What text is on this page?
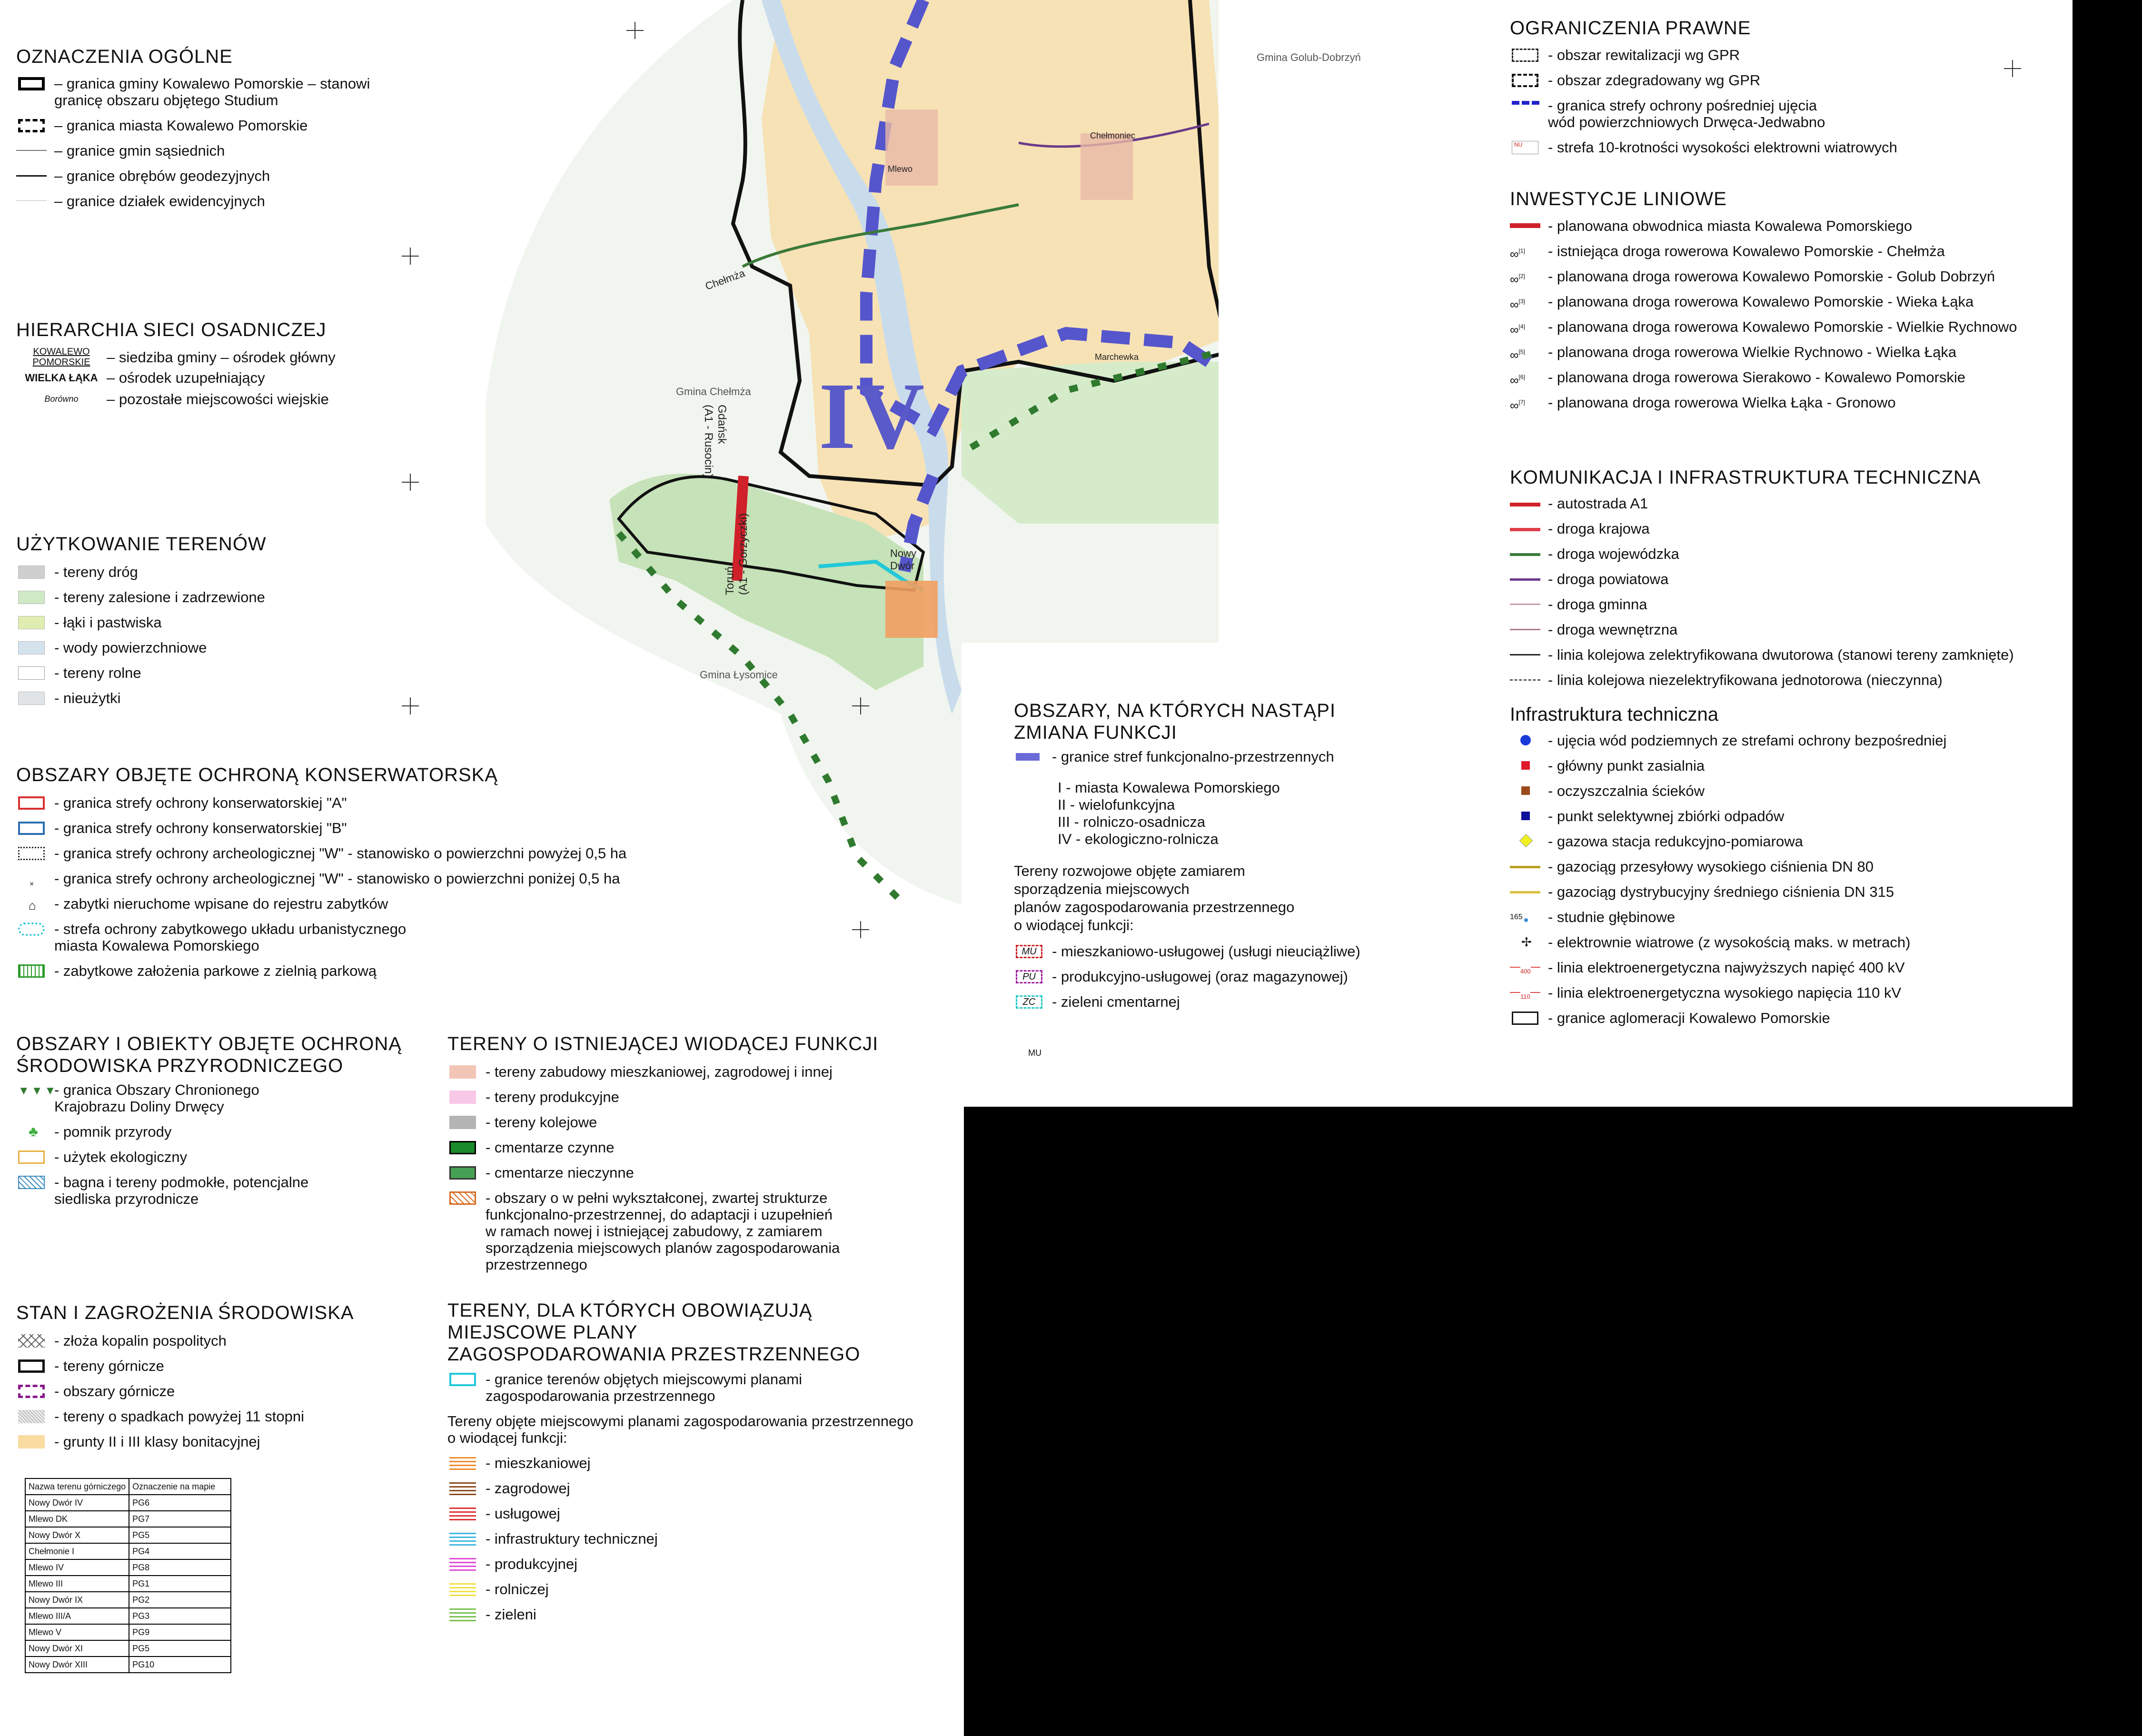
Gmina Golub-Dobrzyń
Gmina Chełmża
Gmina Łysomice
Chełmża
Mlewo
Chełmoniec
Marchewka
Nowy Dwór
Gdańsk
(A1 - Rusocin)
Toruń
(A1 - Gorzyczki)
IV
OZNACZENIA OGÓLNE
– granica gminy Kowalewo Pomorskie – stanowi
granicę obszaru objętego Studium
– granica miasta Kowalewo Pomorskie
– granice gmin sąsiednich
– granice obrębów geodezyjnych
– granice działek ewidencyjnych
HIERARCHIA SIECI OSADNICZEJ
KOWALEWO
POMORSKIE	– siedziba gminy – ośrodek główny
WIELKA ŁĄKA – ośrodek uzupełniający
Borówno	– pozostałe miejscowości wiejskie
UŻYTKOWANIE TERENÓW
- tereny dróg
- tereny zalesione i zadrzewione
- łąki i pastwiska
- wody powierzchniowe
- tereny rolne
- nieużytki
OBSZARY OBJĘTE OCHRONĄ KONSERWATORSKĄ
- granica strefy ochrony konserwatorskiej "A"
- granica strefy ochrony konserwatorskiej "B"
- granica strefy ochrony archeologicznej "W" - stanowisko o powierzchni powyżej 0,5 ha
× - granica strefy ochrony archeologicznej "W" - stanowisko o powierzchni poniżej 0,5 ha
⌂ - zabytki nieruchome wpisane do rejestru zabytków
- strefa ochrony zabytkowego układu urbanistycznego
miasta Kowalewa Pomorskiego
- zabytkowe założenia parkowe z zielnią parkową
OBSZARY I OBIEKTY OBJĘTE OCHRONĄ
ŚRODOWISKA PRZYRODNICZEGO
▼▼▼
- granica Obszary Chronionego
Krajobrazu Doliny Drwęcy
♣ - pomnik przyrody
- użytek ekologiczny
- bagna i tereny podmokłe, potencjalne
siedliska przyrodnicze
STAN I ZAGROŻENIA ŚRODOWISKA
- złoża kopalin pospolitych
- tereny górnicze
- obszary górnicze
- tereny o spadkach powyżej 11 stopni
- grunty II i III klasy bonitacyjnej
Nazwa terenu górniczego	Oznaczenie na mapie
Nowy Dwór IV	PG6
Mlewo DK	PG7
Nowy Dwór X	PG5
Chełmonie I	PG4
Mlewo IV	PG8
Mlewo III	PG1
Nowy Dwór IX	PG2
Mlewo III/A	PG3
Mlewo V	PG9
Nowy Dwór XI	PG5
Nowy Dwór XIII	PG10
TERENY O ISTNIEJĄCEJ WIODĄCEJ FUNKCJI
- tereny zabudowy mieszkaniowej, zagrodowej i innej
- tereny produkcyjne
- tereny kolejowe
- cmentarze czynne
- cmentarze nieczynne
- obszary o w pełni wykształconej, zwartej strukturze
funkcjonalno-przestrzennej, do adaptacji i uzupełnień
w ramach nowej i istniejącej zabudowy, z zamiarem
sporządzenia miejscowych planów zagospodarowania
przestrzennego
TERENY, DLA KTÓRYCH OBOWIĄZUJĄ
MIEJSCOWE PLANY
ZAGOSPODAROWANIA PRZESTRZENNEGO
- granice terenów objętych miejscowymi planami
zagospodarowania przestrzennego
Tereny objęte miejscowymi planami zagospodarowania przestrzennego
o wiodącej funkcji:
- mieszkaniowej
- zagrodowej
- usługowej
- infrastruktury technicznej
- produkcyjnej
- rolniczej
- zieleni
OBSZARY, NA KTÓRYCH NASTĄPI
ZMIANA FUNKCJI
- granice stref funkcjonalno-przestrzennych
I - miasta Kowalewa Pomorskiego
II - wielofunkcyjna
III - rolniczo-osadnicza
IV - ekologiczno-rolnicza
Tereny rozwojowe objęte zamiarem
sporządzenia miejscowych
planów zagospodarowania przestrzennego
o wiodącej funkcji:
MU	- mieszkaniowo-usługowej (usługi nieuciążliwe)
PU	- produkcyjno-usługowej (oraz magazynowej)
ZC	- zieleni cmentarnej
MU
OGRANICZENIA PRAWNE
- obszar rewitalizacji wg GPR
- obszar zdegradowany wg GPR
- granica strefy ochrony pośredniej ujęcia
wód powierzchniowych Drwęca-Jedwabno
NU	- strefa 10-krotności wysokości elektrowni wiatrowych
INWESTYCJE LINIOWE
- planowana obwodnica miasta Kowalewa Pomorskiego
∞[1]	- istniejąca droga rowerowa Kowalewo Pomorskie - Chełmża
∞[2]	- planowana droga rowerowa Kowalewo Pomorskie - Golub Dobrzyń
∞[3]	- planowana droga rowerowa Kowalewo Pomorskie - Wieka Łąka
∞[4]	- planowana droga rowerowa Kowalewo Pomorskie - Wielkie Rychnowo
∞[5]	- planowana droga rowerowa Wielkie Rychnowo - Wielka Łąka
∞[6]	- planowana droga rowerowa Sierakowo - Kowalewo Pomorskie
∞[7]	- planowana droga rowerowa Wielka Łąka - Gronowo
KOMUNIKACJA I INFRASTRUKTURA TECHNICZNA
- autostrada A1
- droga krajowa
- droga wojewódzka
- droga powiatowa
- droga gminna
- droga wewnętrzna
- linia kolejowa zelektryfikowana dwutorowa (stanowi tereny zamknięte)
- linia kolejowa niezelektryfikowana jednotorowa (nieczynna)
Infrastruktura techniczna
- ujęcia wód podziemnych ze strefami ochrony bezpośredniej
- główny punkt zasialnia
- oczyszczalnia ścieków
- punkt selektywnej zbiórki odpadów
- gazowa stacja redukcyjno-pomiarowa
- gazociąg przesyłowy wysokiego ciśnienia DN 80
- gazociąg dystrybucyjny średniego ciśnienia DN 315
165 - studnie głębinowe
✢ - elektrownie wiatrowe (z wysokością maks. w metrach)
400 - linia elektroenergetyczna najwyższych napięć 400 kV
110 - linia elektroenergetyczna wysokiego napięcia 110 kV
- granice aglomeracji Kowalewo Pomorskie
